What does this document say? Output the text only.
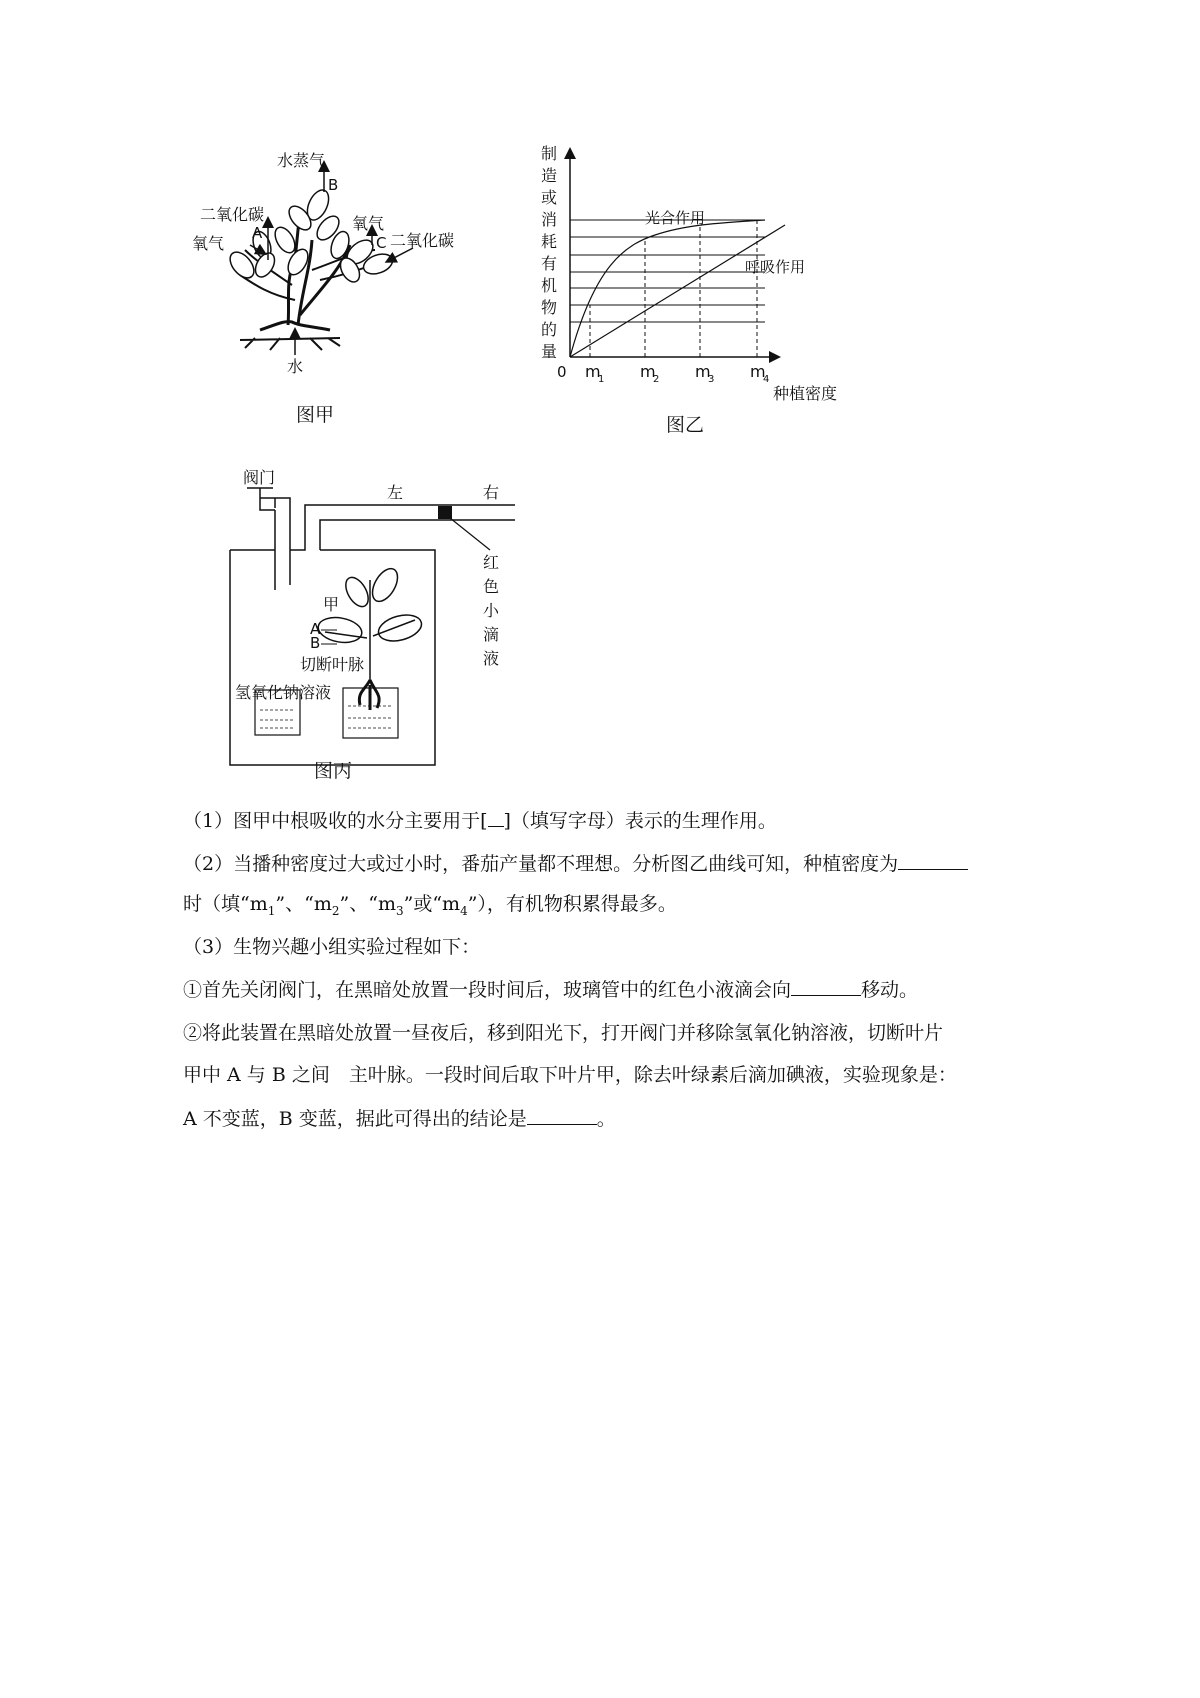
水蒸气
B
二氧化碳
A
氧气
氧气
C 二氧化碳
水
图甲
制
造
或
消
耗
有
机
物
的
量
光合作用
呼吸作用
0 m
1 m
2 m
3 m
4
种植密度
图乙
阀门
左	右
红
色
小
滴
液
甲
A
B
切断叶脉
氢氧化钠溶液
图丙
（1）图甲中根吸收的水分主要用于[ ]（填写字母）表示的生理作用。
（2）当播种密度过大或过小时，番茄产量都不理想。分析图乙曲线可知，种植密度为
时（填“$m_1$”、“$m_2$”、“$m_3$”或“$m_4$”），有机物积累得最多。
（3）生物兴趣小组实验过程如下：
①首先关闭阀门，在黑暗处放置一段时间后，玻璃管中的红色小液滴会向	移动。
②将此装置在黑暗处放置一昼夜后，移到阳光下，打开阀门并移除氢氧化钠溶液，切断叶片
甲中 A 与 B 之间　主叶脉。一段时间后取下叶片甲，除去叶绿素后滴加碘液，实验现象是：
A 不变蓝，B 变蓝，据此可得出的结论是	。
